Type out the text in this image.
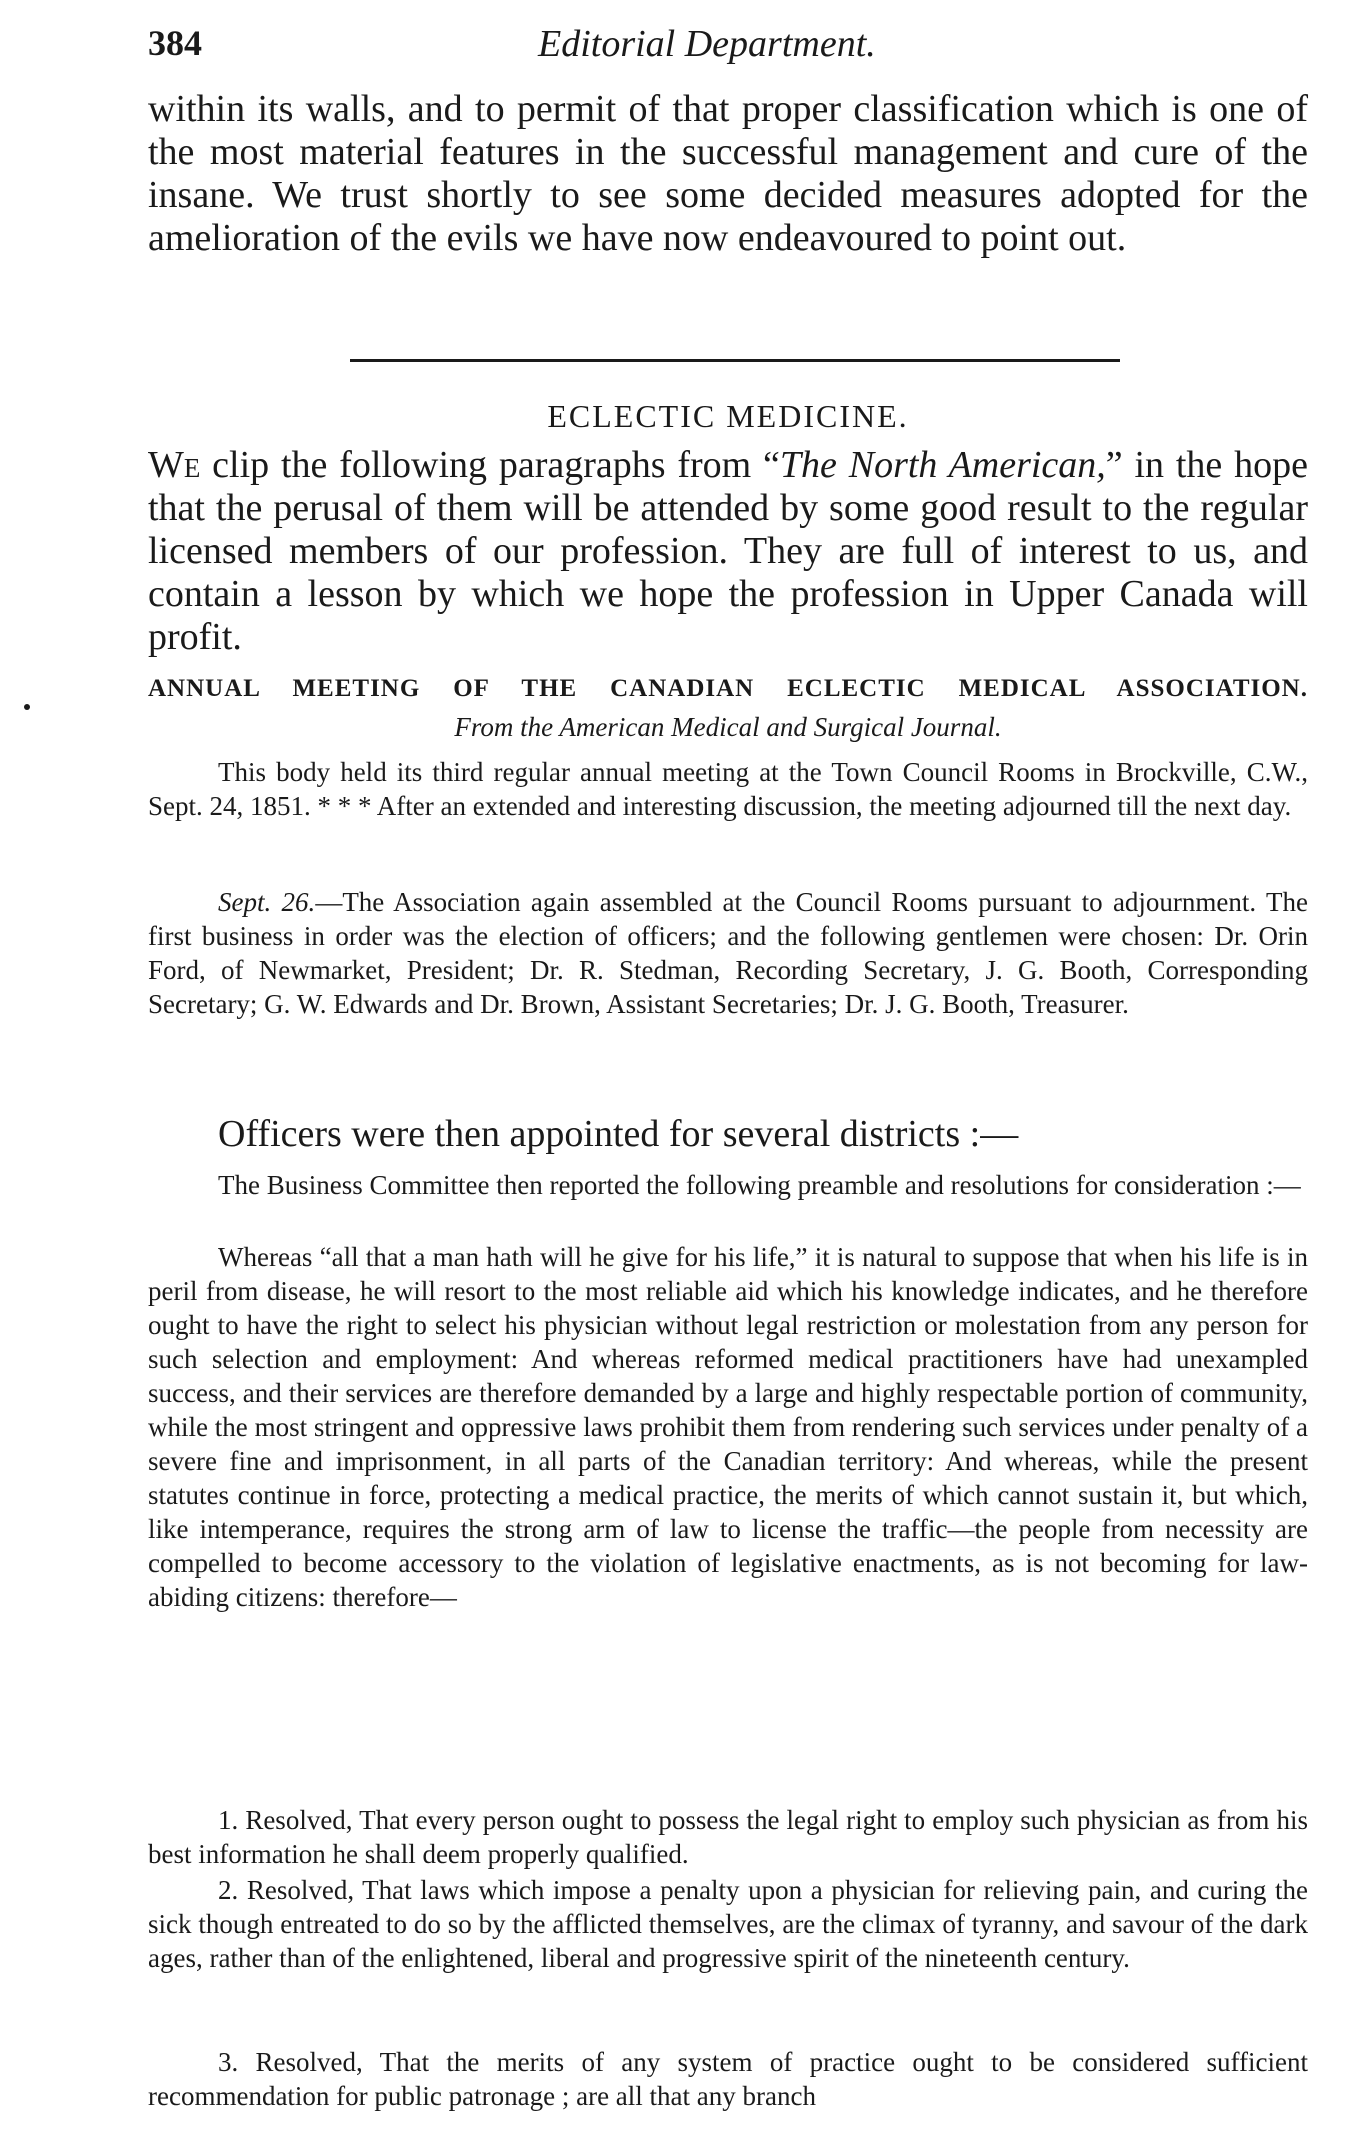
384	Editorial Department.

within its walls, and to permit of that proper classification which is one of the most material features in the successful management and cure of the insane. We trust shortly to see some decided measures adopted for the amelioration of the evils we have now endeavoured to point out.

ECLECTIC MEDICINE.

We clip the following paragraphs from “The North American,” in the hope that the perusal of them will be attended by some good result to the regular licensed members of our profession. They are full of interest to us, and contain a lesson by which we hope the profession in Upper Canada will profit.

ANNUAL MEETING OF THE CANADIAN ECLECTIC MEDICAL ASSOCIATION.
From the American Medical and Surgical Journal.

This body held its third regular annual meeting at the Town Council Rooms in Brockville, C.W., Sept. 24, 1851. * * * After an extended and interesting discussion, the meeting adjourned till the next day.

Sept. 26.—The Association again assembled at the Council Rooms pursuant to adjournment. The first business in order was the election of officers; and the following gentlemen were chosen: Dr. Orin Ford, of Newmarket, President; Dr. R. Stedman, Recording Secretary, J. G. Booth, Corresponding Secretary; G. W. Edwards and Dr. Brown, Assistant Secretaries; Dr. J. G. Booth, Treasurer.

Officers were then appointed for several districts :—

The Business Committee then reported the following preamble and resolutions for consideration :—

Whereas “all that a man hath will he give for his life,” it is natural to suppose that when his life is in peril from disease, he will resort to the most reliable aid which his knowledge indicates, and he therefore ought to have the right to select his physician without legal restriction or molestation from any person for such selection and employment: And whereas reformed medical practitioners have had unexampled success, and their services are therefore demanded by a large and highly respectable portion of community, while the most stringent and oppressive laws prohibit them from rendering such services under penalty of a severe fine and imprisonment, in all parts of the Canadian territory: And whereas, while the present statutes continue in force, protecting a medical practice, the merits of which cannot sustain it, but which, like intemperance, requires the strong arm of law to license the traffic—the people from necessity are compelled to become accessory to the violation of legislative enactments, as is not becoming for law-abiding citizens: therefore—

1. Resolved, That every person ought to possess the legal right to employ such physician as from his best information he shall deem properly qualified.

2. Resolved, That laws which impose a penalty upon a physician for relieving pain, and curing the sick though entreated to do so by the afflicted themselves, are the climax of tyranny, and savour of the dark ages, rather than of the enlightened, liberal and progressive spirit of the nineteenth century.

3. Resolved, That the merits of any system of practice ought to be considered sufficient recommendation for public patronage ; are all that any branch
